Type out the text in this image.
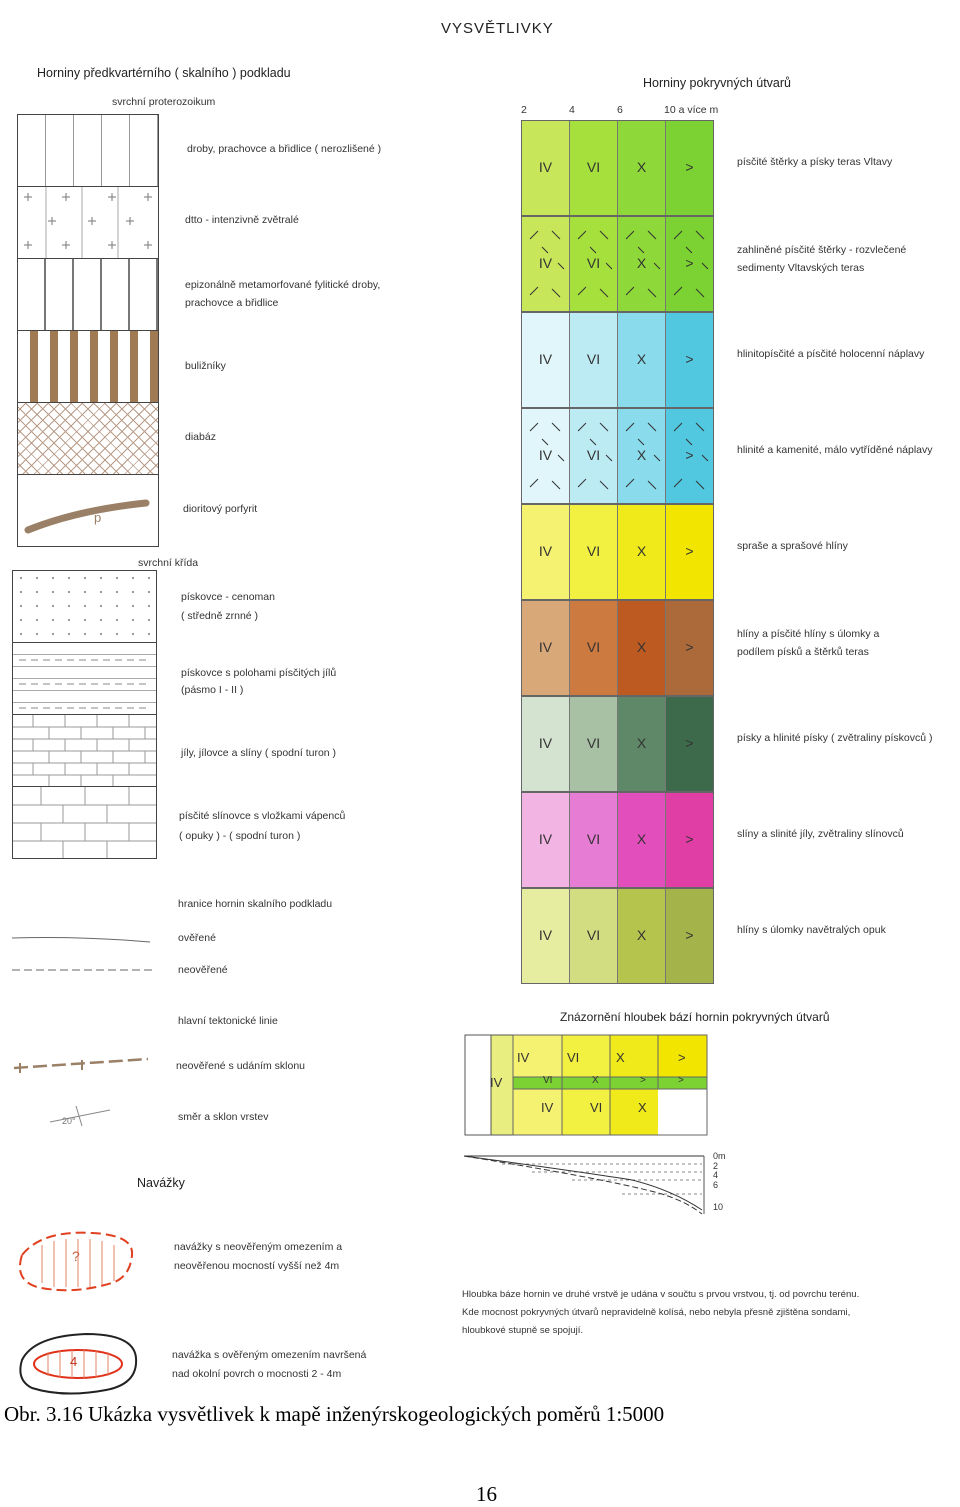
VYSVĚTLIVKY
Horniny předkvartérního ( skalního ) podkladu
svrchní proterozoikum
Horniny pokryvných útvarů
2	4	6	10 a více m
droby, prachovce a břidlice ( nerozlišené )
dtto - intenzivně zvětralé
epizonálně metamorfované fylitické droby,
prachovce a břidlice
buližníky
diabáz
p
dioritový porfyrit
svrchní křída
pískovce - cenoman
( středně zrnné )
pískovce s polohami písčitých jílů
(pásmo I - II )
jíly, jílovce a slíny ( spodní turon )
písčité slínovce s vložkami vápenců
( opuky ) - ( spodní turon )
hranice hornin skalního podkladu
ověřené
neověřené
hlavní tektonické linie
20°
neověřené s udáním sklonu
směr a sklon vrstev
Navážky
?
navážky s neověřeným omezením a
neověřenou mocností vyšší než 4m
4	navážka s ověřeným omezením navršená
nad okolní povrch o mocnosti 2 - 4m
IV	VI	X	>	písčité štěrky a písky teras Vltavy
IV	VI	X	>
zahliněné písčité štěrky - rozvlečené
sedimenty Vltavských teras
IV	VI	X	>	hlinitopísčité a písčité holocenní náplavy
IV	VI	X	>	hlinité a kamenité, málo vytříděné náplavy
IV	VI	X	>	spraše a sprašové hlíny
IV	VI	X	>
hlíny a písčité hlíny s úlomky a
podílem písků a štěrků teras
IV	VI	X	>	písky a hlinité písky ( zvětraliny pískovců )
IV	VI	X	>	slíny a slinité jíly, zvětraliny slínovců
IV	VI	X	>	hlíny s úlomky navětralých opuk
Znázornění hloubek bází hornin pokryvných útvarů
IV
IV	VI	X	>
VI	X	>	>
IV	VI	X
0m
2
4
6
10
Hloubka báze hornin ve druhé vrstvě je udána v součtu s prvou vrstvou, tj. od povrchu terénu.
Kde mocnost pokryvných útvarů nepravidelně kolísá, nebo nebyla přesně zjištěna sondami,
hloubkové stupně se spojují.
Obr. 3.16 Ukázka vysvětlivek k mapě inženýrskogeologických poměrů 1:5000
16
